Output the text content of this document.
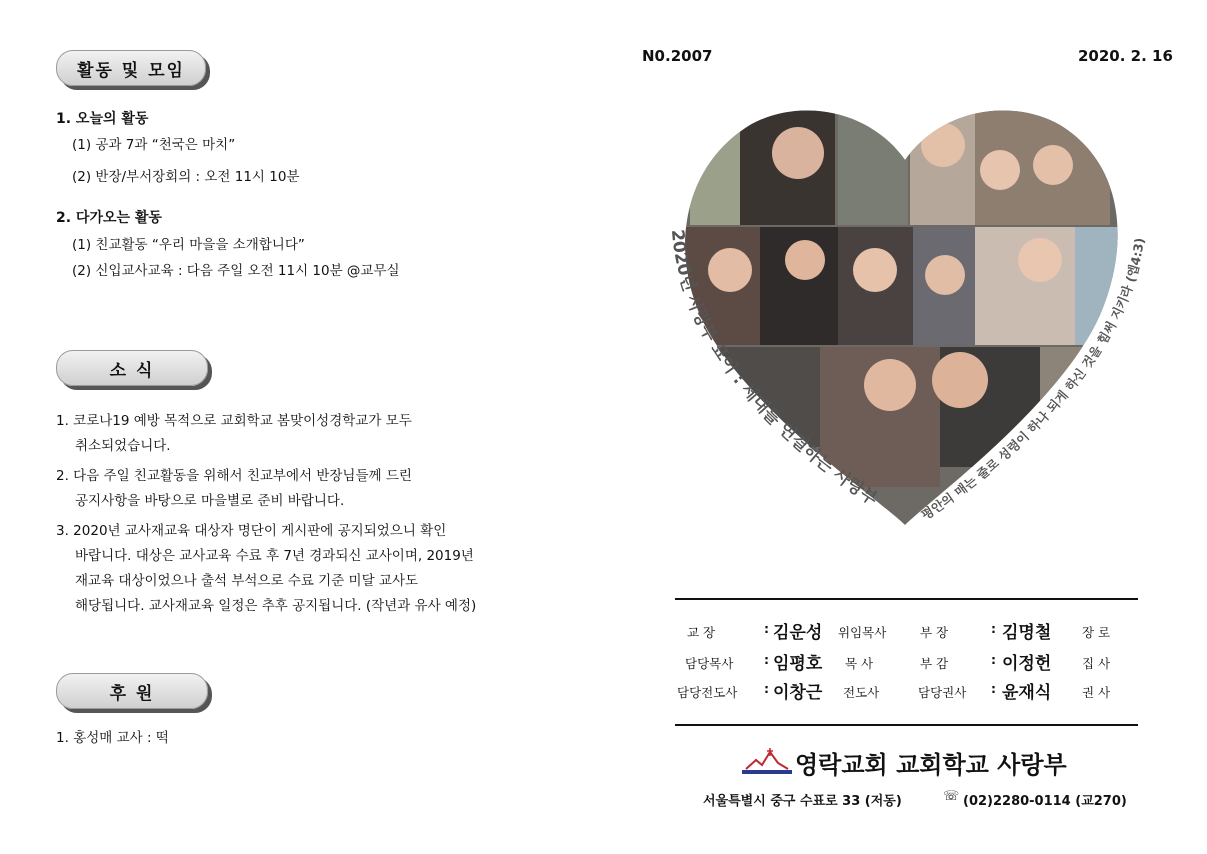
활동 및 모임
1. 오늘의 활동
(1) 공과 7과 “천국은 마치”
(2) 반장/부서장회의 : 오전 11시 10분
2. 다가오는 활동
(1) 친교활동 “우리 마을을 소개합니다”
(2) 신입교사교육 : 다음 주일 오전 11시 10분 @교무실
소 식
1. 코로나19 예방 목적으로 교회학교 봄맞이성경학교가 모두
취소되었습니다.
2. 다음 주일 친교활동을 위해서 친교부에서 반장님들께 드린
공지사항을 바탕으로 마을별로 준비 바랍니다.
3. 2020년 교사재교육 대상자 명단이 게시판에 공지되었으니 확인
바랍니다. 대상은 교사교육 수료 후 7년 경과되신 교사이며, 2019년
재교육 대상이었으나 출석 부석으로 수료 기준 미달 교사도
해당됩니다. 교사재교육 일정은 추후 공지됩니다. (작년과 유사 예정)
후 원
1. 홍성매 교사 : 떡
N0.2007	2020. 2. 16
2020년 사랑부 표어 : 세대를 연결하는 사랑부
평안의 매는 줄로 성령이 하나 되게 하신 것을 힘써 지키라 (엡4:3)
교 장	: 김운성 위임목사	부 장	: 김명철 장 로
담당목사 : 임평호 목 사	부 감	: 이정헌 집 사
담당전도사 : 이창근 전도사	담당권사 : 윤재식 권 사
영락교회 교회학교 사랑부
서울특별시 중구 수표로 33 (저동)	☏ (02)2280-0114 (교270)
